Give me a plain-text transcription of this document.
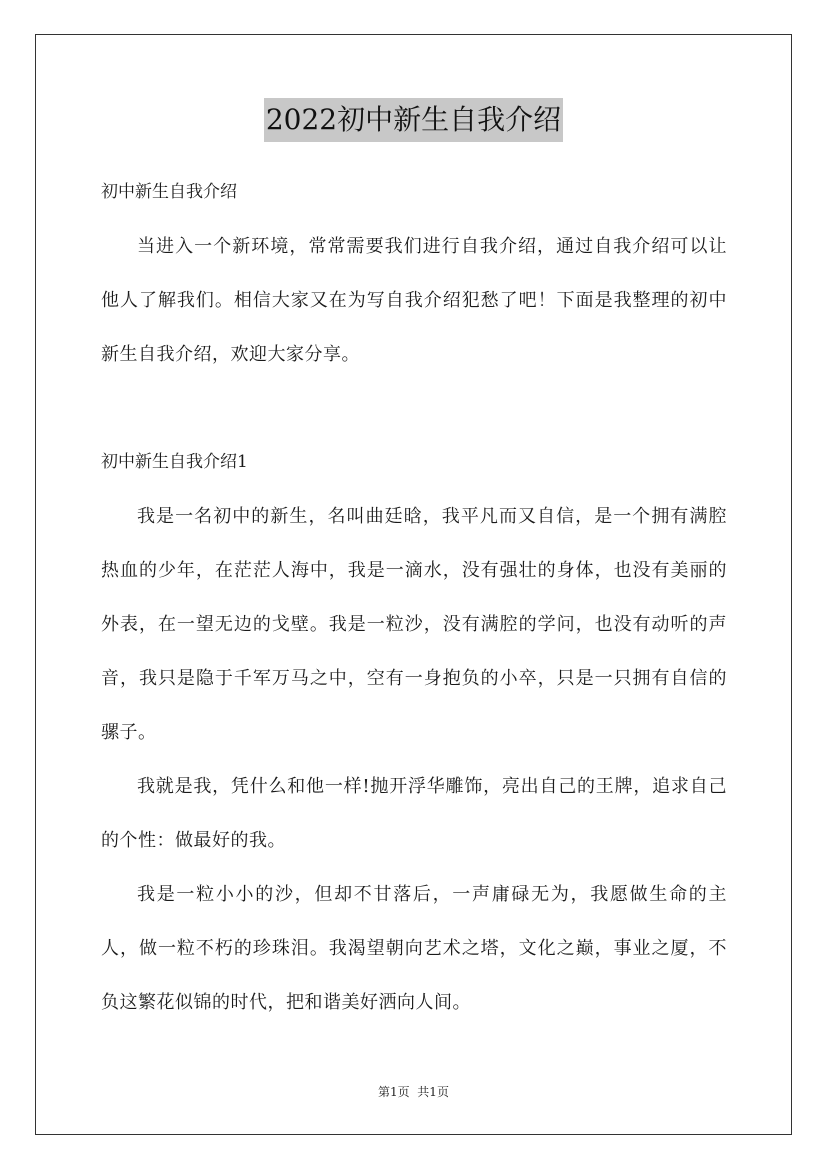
2022初中新生自我介绍

初中新生自我介绍

当进入一个新环境，常常需要我们进行自我介绍，通过自我介绍可以让他人了解我们。相信大家又在为写自我介绍犯愁了吧！下面是我整理的初中新生自我介绍，欢迎大家分享。

初中新生自我介绍1

我是一名初中的新生，名叫曲廷晗，我平凡而又自信，是一个拥有满腔热血的少年，在茫茫人海中，我是一滴水，没有强壮的身体，也没有美丽的外表，在一望无边的戈壁。我是一粒沙，没有满腔的学问，也没有动听的声音，我只是隐于千军万马之中，空有一身抱负的小卒，只是一只拥有自信的骡子。

我就是我，凭什么和他一样!抛开浮华雕饰，亮出自己的王牌，追求自己的个性：做最好的我。

我是一粒小小的沙，但却不甘落后，一声庸碌无为，我愿做生命的主人，做一粒不朽的珍珠泪。我渴望朝向艺术之塔，文化之巅，事业之厦，不负这繁花似锦的时代，把和谐美好洒向人间。

第1页  共1页
